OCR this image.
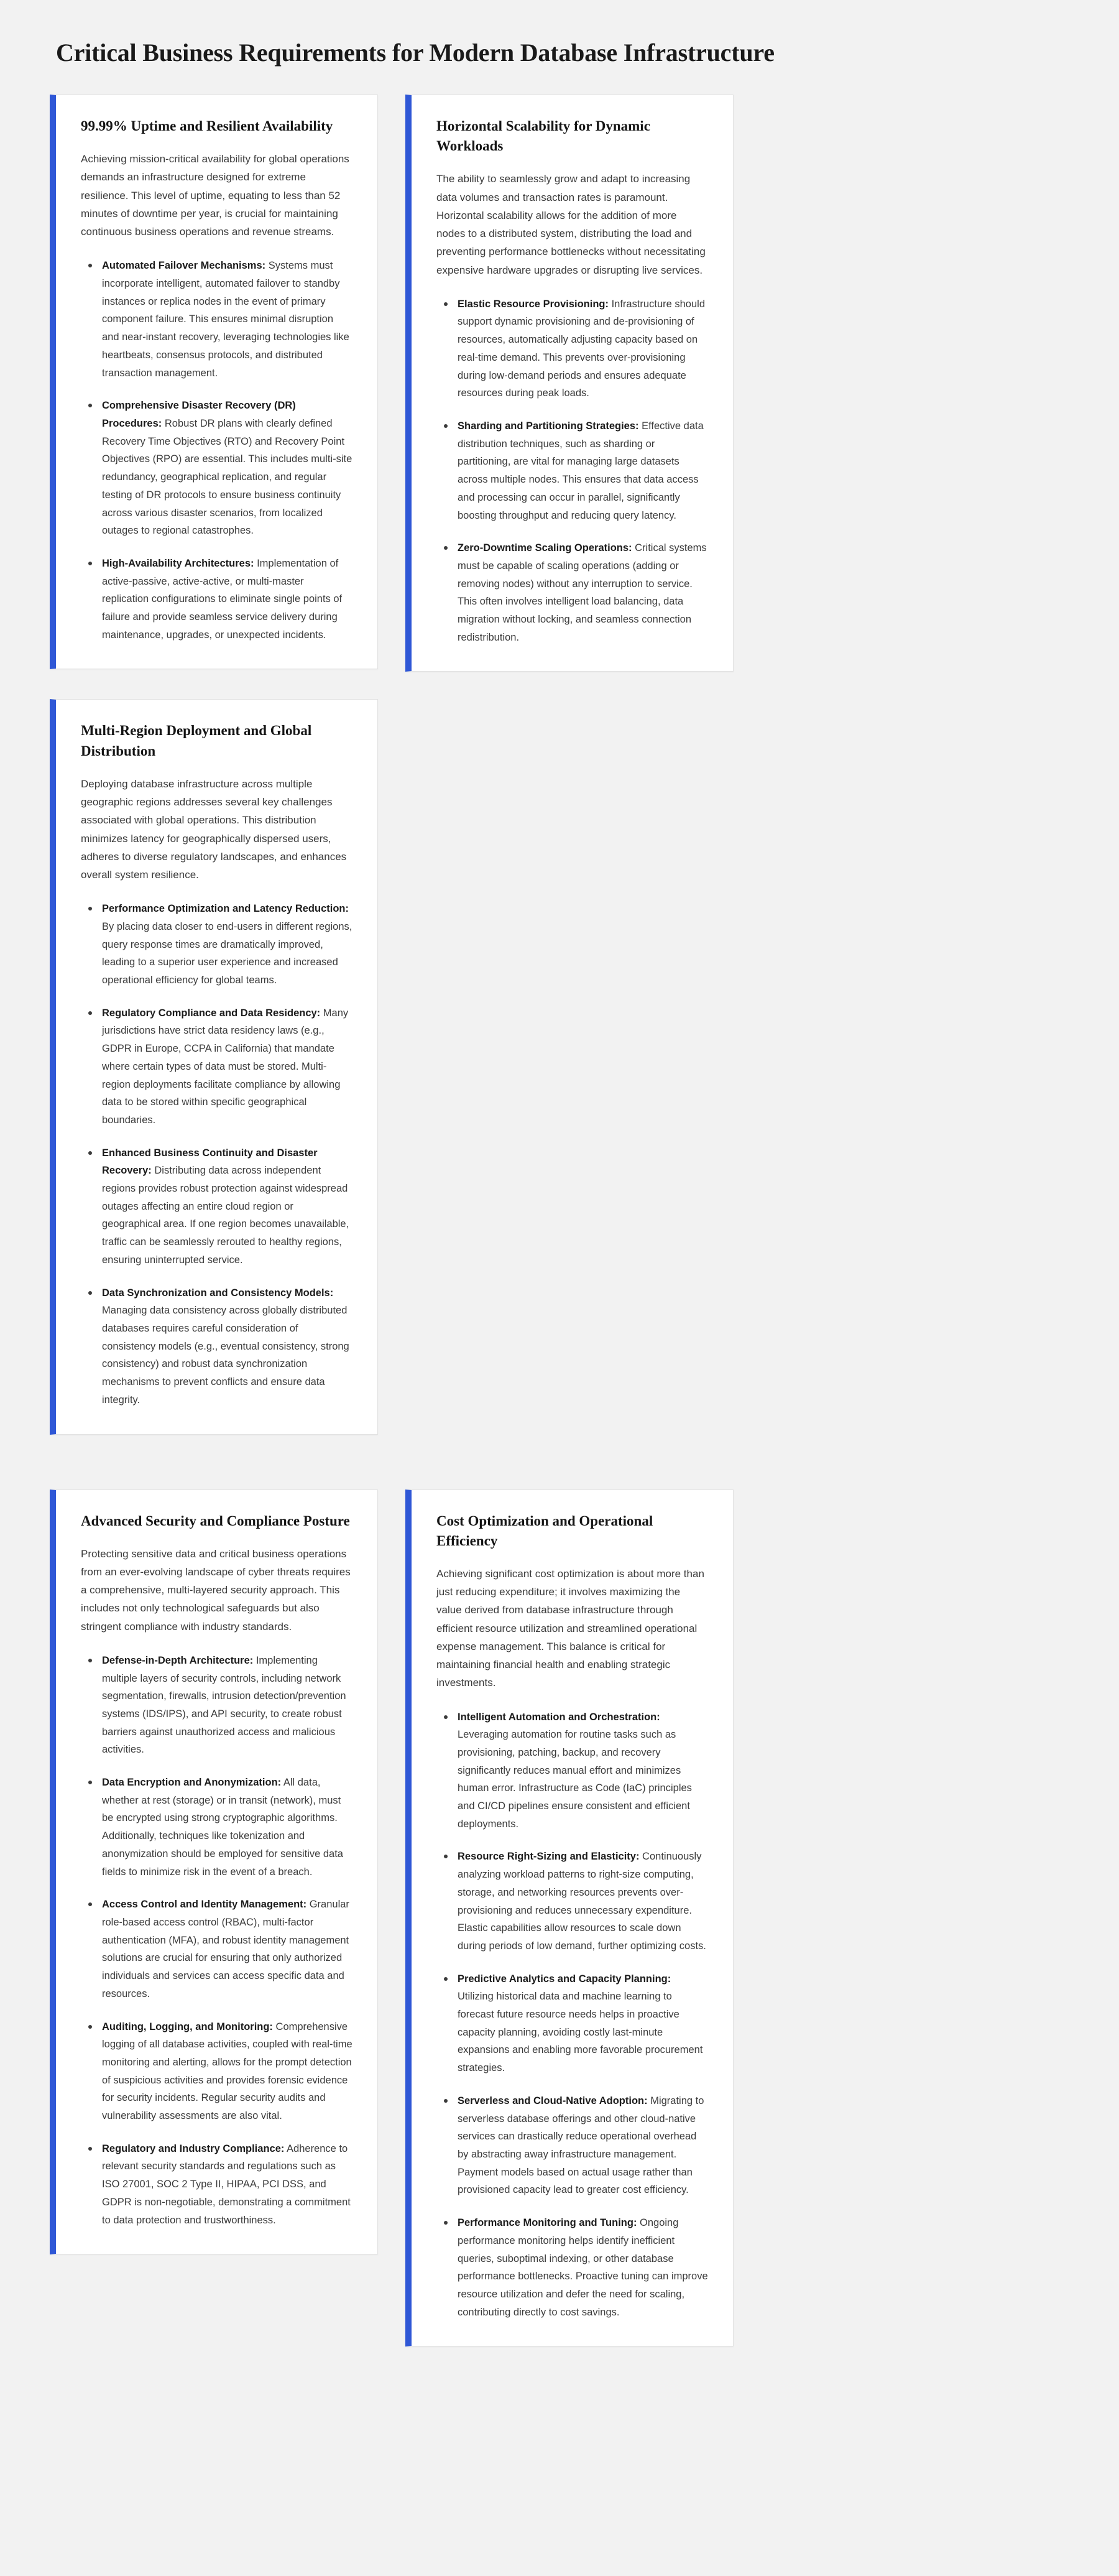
Critical Business Requirements for Modern Database Infrastructure
99.99% Uptime and Resilient Availability

Achieving mission-critical availability for global operations demands an infrastructure designed for extreme resilience. This level of uptime, equating to less than 52 minutes of downtime per year, is crucial for maintaining continuous business operations and revenue streams.

Automated Failover Mechanisms: Systems must incorporate intelligent, automated failover to standby instances or replica nodes in the event of primary component failure. This ensures minimal disruption and near-instant recovery, leveraging technologies like heartbeats, consensus protocols, and distributed transaction management.
Comprehensive Disaster Recovery (DR) Procedures: Robust DR plans with clearly defined Recovery Time Objectives (RTO) and Recovery Point Objectives (RPO) are essential. This includes multi-site redundancy, geographical replication, and regular testing of DR protocols to ensure business continuity across various disaster scenarios, from localized outages to regional catastrophes.
High-Availability Architectures: Implementation of active-passive, active-active, or multi-master replication configurations to eliminate single points of failure and provide seamless service delivery during maintenance, upgrades, or unexpected incidents.
Horizontal Scalability for Dynamic Workloads

The ability to seamlessly grow and adapt to increasing data volumes and transaction rates is paramount. Horizontal scalability allows for the addition of more nodes to a distributed system, distributing the load and preventing performance bottlenecks without necessitating expensive hardware upgrades or disrupting live services.

Elastic Resource Provisioning: Infrastructure should support dynamic provisioning and de-provisioning of resources, automatically adjusting capacity based on real-time demand. This prevents over-provisioning during low-demand periods and ensures adequate resources during peak loads.
Sharding and Partitioning Strategies: Effective data distribution techniques, such as sharding or partitioning, are vital for managing large datasets across multiple nodes. This ensures that data access and processing can occur in parallel, significantly boosting throughput and reducing query latency.
Zero-Downtime Scaling Operations: Critical systems must be capable of scaling operations (adding or removing nodes) without any interruption to service. This often involves intelligent load balancing, data migration without locking, and seamless connection redistribution.
Multi-Region Deployment and Global Distribution

Deploying database infrastructure across multiple geographic regions addresses several key challenges associated with global operations. This distribution minimizes latency for geographically dispersed users, adheres to diverse regulatory landscapes, and enhances overall system resilience.

Performance Optimization and Latency Reduction: By placing data closer to end-users in different regions, query response times are dramatically improved, leading to a superior user experience and increased operational efficiency for global teams.
Regulatory Compliance and Data Residency: Many jurisdictions have strict data residency laws (e.g., GDPR in Europe, CCPA in California) that mandate where certain types of data must be stored. Multi-region deployments facilitate compliance by allowing data to be stored within specific geographical boundaries.
Enhanced Business Continuity and Disaster Recovery: Distributing data across independent regions provides robust protection against widespread outages affecting an entire cloud region or geographical area. If one region becomes unavailable, traffic can be seamlessly rerouted to healthy regions, ensuring uninterrupted service.
Data Synchronization and Consistency Models: Managing data consistency across globally distributed databases requires careful consideration of consistency models (e.g., eventual consistency, strong consistency) and robust data synchronization mechanisms to prevent conflicts and ensure data integrity.
Advanced Security and Compliance Posture

Protecting sensitive data and critical business operations from an ever-evolving landscape of cyber threats requires a comprehensive, multi-layered security approach. This includes not only technological safeguards but also stringent compliance with industry standards.

Defense-in-Depth Architecture: Implementing multiple layers of security controls, including network segmentation, firewalls, intrusion detection/prevention systems (IDS/IPS), and API security, to create robust barriers against unauthorized access and malicious activities.
Data Encryption and Anonymization: All data, whether at rest (storage) or in transit (network), must be encrypted using strong cryptographic algorithms. Additionally, techniques like tokenization and anonymization should be employed for sensitive data fields to minimize risk in the event of a breach.
Access Control and Identity Management: Granular role-based access control (RBAC), multi-factor authentication (MFA), and robust identity management solutions are crucial for ensuring that only authorized individuals and services can access specific data and resources.
Auditing, Logging, and Monitoring: Comprehensive logging of all database activities, coupled with real-time monitoring and alerting, allows for the prompt detection of suspicious activities and provides forensic evidence for security incidents. Regular security audits and vulnerability assessments are also vital.
Regulatory and Industry Compliance: Adherence to relevant security standards and regulations such as ISO 27001, SOC 2 Type II, HIPAA, PCI DSS, and GDPR is non-negotiable, demonstrating a commitment to data protection and trustworthiness.
Cost Optimization and Operational Efficiency

Achieving significant cost optimization is about more than just reducing expenditure; it involves maximizing the value derived from database infrastructure through efficient resource utilization and streamlined operational expense management. This balance is critical for maintaining financial health and enabling strategic investments.

Intelligent Automation and Orchestration: Leveraging automation for routine tasks such as provisioning, patching, backup, and recovery significantly reduces manual effort and minimizes human error. Infrastructure as Code (IaC) principles and CI/CD pipelines ensure consistent and efficient deployments.
Resource Right-Sizing and Elasticity: Continuously analyzing workload patterns to right-size computing, storage, and networking resources prevents over-provisioning and reduces unnecessary expenditure. Elastic capabilities allow resources to scale down during periods of low demand, further optimizing costs.
Predictive Analytics and Capacity Planning: Utilizing historical data and machine learning to forecast future resource needs helps in proactive capacity planning, avoiding costly last-minute expansions and enabling more favorable procurement strategies.
Serverless and Cloud-Native Adoption: Migrating to serverless database offerings and other cloud-native services can drastically reduce operational overhead by abstracting away infrastructure management. Payment models based on actual usage rather than provisioned capacity lead to greater cost efficiency.
Performance Monitoring and Tuning: Ongoing performance monitoring helps identify inefficient queries, suboptimal indexing, or other database performance bottlenecks. Proactive tuning can improve resource utilization and defer the need for scaling, contributing directly to cost savings.
